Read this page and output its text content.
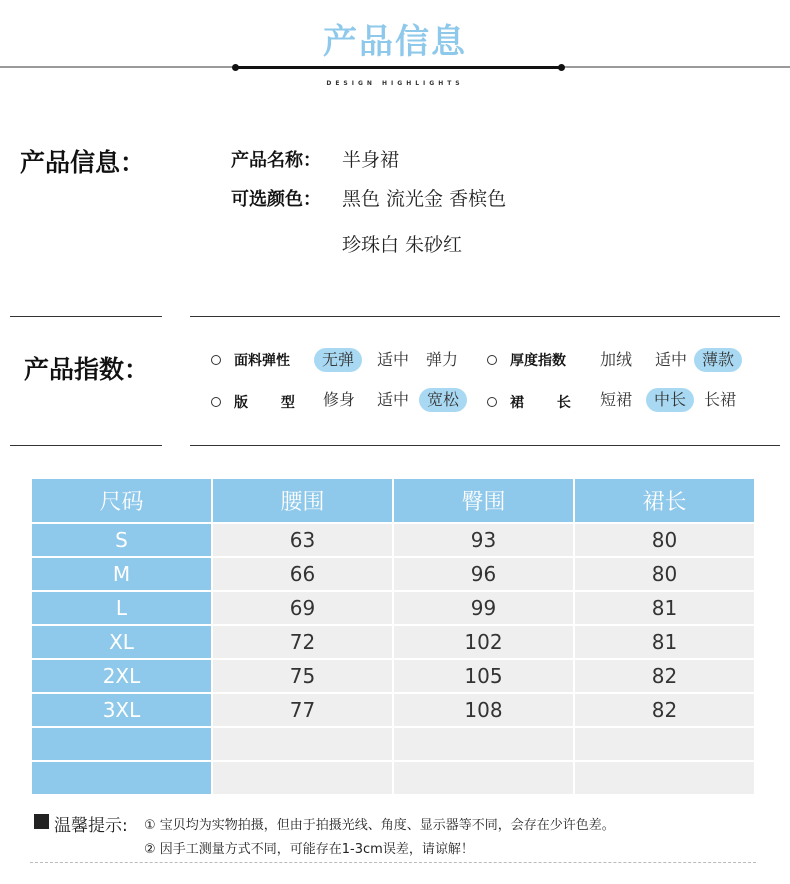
产品信息
DESIGN HIGHLIGHTS
产品信息：	产品名称： 半身裙
可选颜色： 黑色 流光金 香槟色
珍珠白 朱砂红
产品指数：	面料弹性	无弹	适中 弹力	厚度指数 加绒 适中 薄款
版 型 修身 适中	宽松	裙 长 短裙	中长	长裙
尺码	腰围	臀围	裙长
S	63	93	80
M	66	96	80
L	69	99	81
XL	72	102	81
2XL	75	105	82
3XL	77	108	82

温馨提示: ① 宝贝均为实物拍摄，但由于拍摄光线、角度、显示器等不同，会存在少许色差。
② 因手工测量方式不同，可能存在1-3cm误差，请谅解！
